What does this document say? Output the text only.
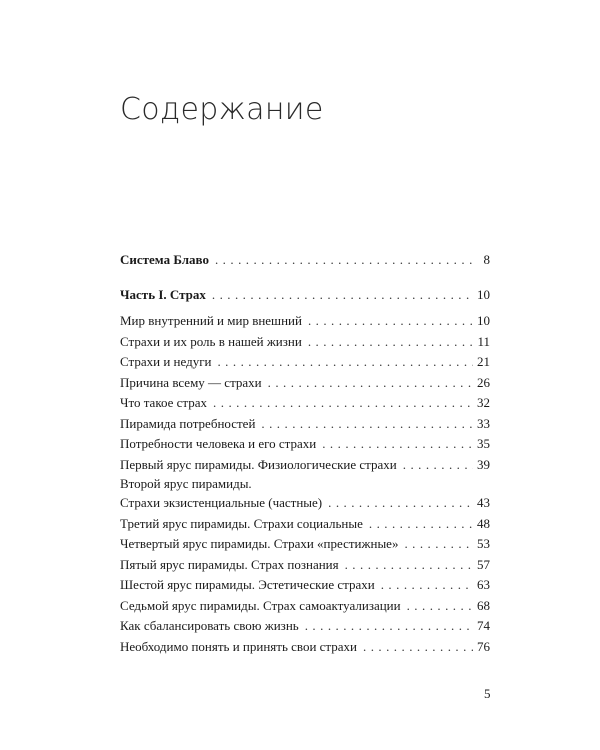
Содержание
Система Блаво . . .	8
Часть I. Страх . . .	10
Мир внутренний и мир внешний . . .	10
Страхи и их роль в нашей жизни . . .	11
Страхи и недуги . . .	21
Причина всему — страхи . . .	26
Что такое страх . . .	32
Пирамида потребностей . . .	33
Потребности человека и его страхи . . .	35
Первый ярус пирамиды. Физиологические страхи . . .	39
Второй ярус пирамиды.
Страхи экзистенциальные (частные) . . .	43
Третий ярус пирамиды. Страхи социальные . . .	48
Четвертый ярус пирамиды. Страхи «престижные» . . .	53
Пятый ярус пирамиды. Страх познания . . .	57
Шестой ярус пирамиды. Эстетические страхи . . .	63
Седьмой ярус пирамиды. Страх самоактуализации . . .	68
Как сбалансировать свою жизнь . . .	74
Необходимо понять и принять свои страхи . . .	76
5
